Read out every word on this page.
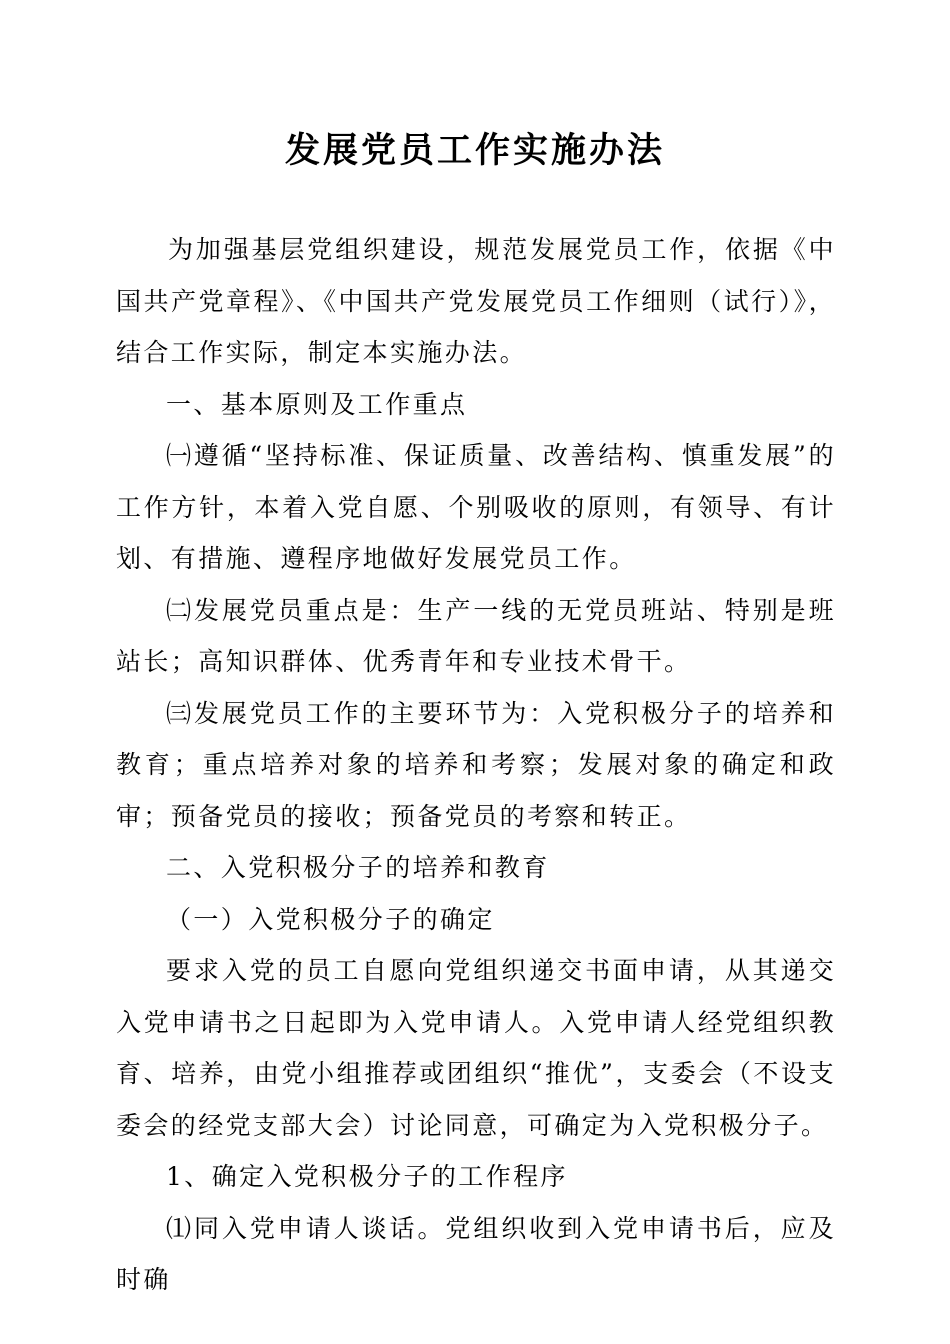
发展党员工作实施办法

为加强基层党组织建设，规范发展党员工作，依据《中国共产党章程》、《中国共产党发展党员工作细则（试行）》，结合工作实际，制定本实施办法。

一、基本原则及工作重点

㈠遵循“坚持标准、保证质量、改善结构、慎重发展”的工作方针，本着入党自愿、个别吸收的原则，有领导、有计划、有措施、遵程序地做好发展党员工作。

㈡发展党员重点是：生产一线的无党员班站、特别是班站长；高知识群体、优秀青年和专业技术骨干。

㈢发展党员工作的主要环节为：入党积极分子的培养和教育；重点培养对象的培养和考察；发展对象的确定和政审；预备党员的接收；预备党员的考察和转正。

二、入党积极分子的培养和教育

（一）入党积极分子的确定

要求入党的员工自愿向党组织递交书面申请，从其递交入党申请书之日起即为入党申请人。入党申请人经党组织教育、培养，由党小组推荐或团组织“推优”，支委会（不设支委会的经党支部大会）讨论同意，可确定为入党积极分子。

1、确定入党积极分子的工作程序

⑴同入党申请人谈话。党组织收到入党申请书后，应及时确
